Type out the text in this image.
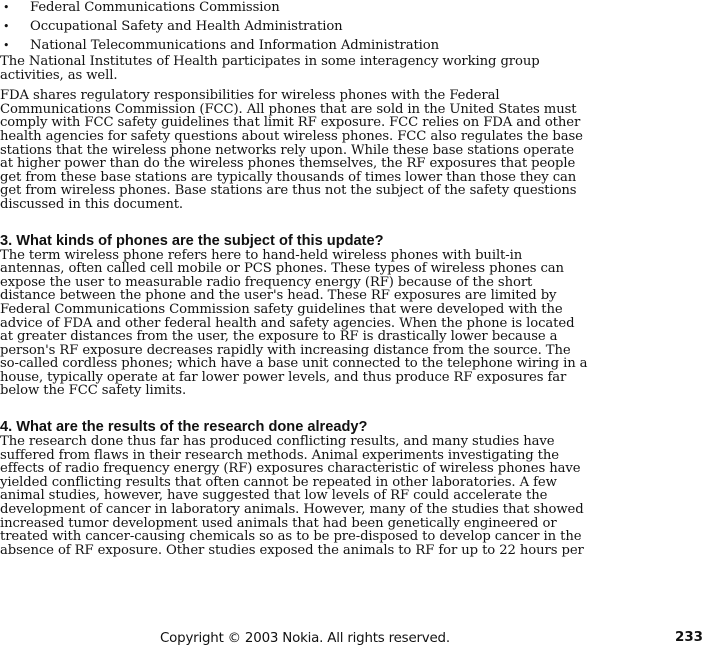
• Federal Communications Commission
• Occupational Safety and Health Administration
• National Telecommunications and Information Administration

The National Institutes of Health participates in some interagency working group activities, as well.

FDA shares regulatory responsibilities for wireless phones with the Federal Communications Commission (FCC). All phones that are sold in the United States must comply with FCC safety guidelines that limit RF exposure. FCC relies on FDA and other health agencies for safety questions about wireless phones. FCC also regulates the base stations that the wireless phone networks rely upon. While these base stations operate at higher power than do the wireless phones themselves, the RF exposures that people get from these base stations are typically thousands of times lower than those they can get from wireless phones. Base stations are thus not the subject of the safety questions discussed in this document.

3. What kinds of phones are the subject of this update?

The term wireless phone refers here to hand-held wireless phones with built-in antennas, often called cell mobile or PCS phones. These types of wireless phones can expose the user to measurable radio frequency energy (RF) because of the short distance between the phone and the user's head. These RF exposures are limited by Federal Communications Commission safety guidelines that were developed with the advice of FDA and other federal health and safety agencies. When the phone is located at greater distances from the user, the exposure to RF is drastically lower because a person's RF exposure decreases rapidly with increasing distance from the source. The so-called cordless phones; which have a base unit connected to the telephone wiring in a house, typically operate at far lower power levels, and thus produce RF exposures far below the FCC safety limits.

4. What are the results of the research done already?

The research done thus far has produced conflicting results, and many studies have suffered from flaws in their research methods. Animal experiments investigating the effects of radio frequency energy (RF) exposures characteristic of wireless phones have yielded conflicting results that often cannot be repeated in other laboratories. A few animal studies, however, have suggested that low levels of RF could accelerate the development of cancer in laboratory animals. However, many of the studies that showed increased tumor development used animals that had been genetically engineered or treated with cancer-causing chemicals so as to be pre-disposed to develop cancer in the absence of RF exposure. Other studies exposed the animals to RF for up to 22 hours per

Copyright © 2003 Nokia. All rights reserved.	233
